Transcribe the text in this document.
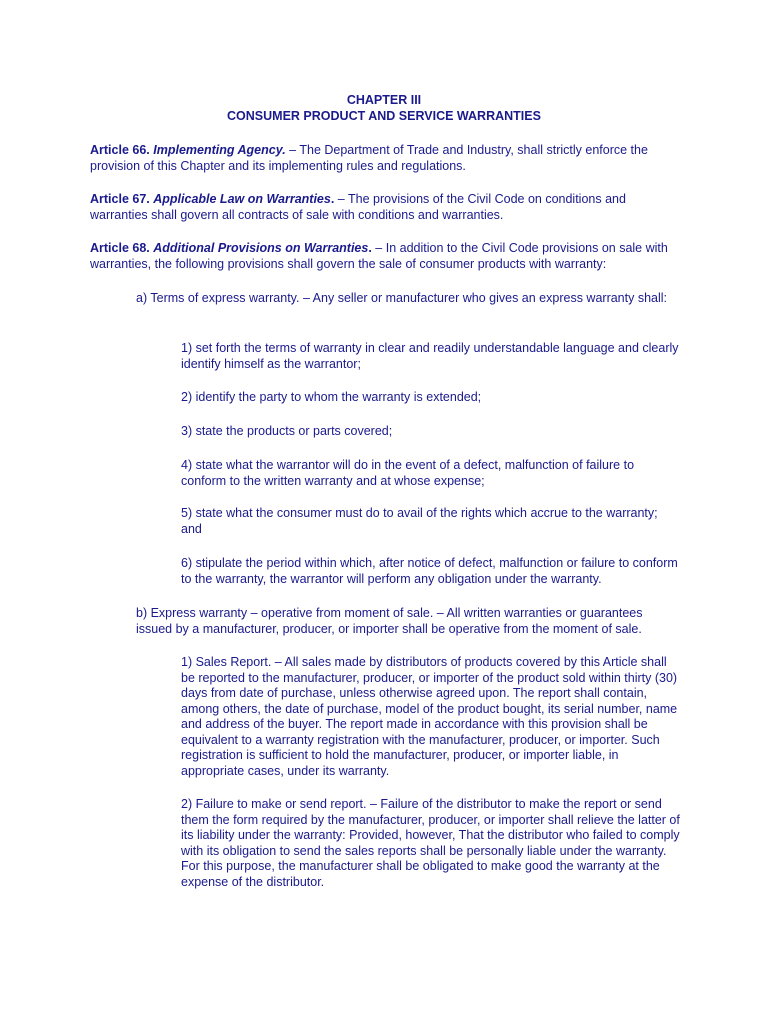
CHAPTER III
CONSUMER PRODUCT AND SERVICE WARRANTIES
Article 66. Implementing Agency. – The Department of Trade and Industry, shall strictly enforce the provision of this Chapter and its implementing rules and regulations.
Article 67. Applicable Law on Warranties. – The provisions of the Civil Code on conditions and warranties shall govern all contracts of sale with conditions and warranties.
Article 68. Additional Provisions on Warranties. – In addition to the Civil Code provisions on sale with warranties, the following provisions shall govern the sale of consumer products with warranty:
a) Terms of express warranty. – Any seller or manufacturer who gives an express warranty shall:
1) set forth the terms of warranty in clear and readily understandable language and clearly identify himself as the warrantor;
2) identify the party to whom the warranty is extended;
3) state the products or parts covered;
4) state what the warrantor will do in the event of a defect, malfunction of failure to conform to the written warranty and at whose expense;
5) state what the consumer must do to avail of the rights which accrue to the warranty; and
6) stipulate the period within which, after notice of defect, malfunction or failure to conform to the warranty, the warrantor will perform any obligation under the warranty.
b) Express warranty – operative from moment of sale. – All written warranties or guarantees issued by a manufacturer, producer, or importer shall be operative from the moment of sale.
1) Sales Report. – All sales made by distributors of products covered by this Article shall be reported to the manufacturer, producer, or importer of the product sold within thirty (30) days from date of purchase, unless otherwise agreed upon. The report shall contain, among others, the date of purchase, model of the product bought, its serial number, name and address of the buyer. The report made in accordance with this provision shall be equivalent to a warranty registration with the manufacturer, producer, or importer. Such registration is sufficient to hold the manufacturer, producer, or importer liable, in appropriate cases, under its warranty.
2) Failure to make or send report. – Failure of the distributor to make the report or send them the form required by the manufacturer, producer, or importer shall relieve the latter of its liability under the warranty: Provided, however, That the distributor who failed to comply with its obligation to send the sales reports shall be personally liable under the warranty. For this purpose, the manufacturer shall be obligated to make good the warranty at the expense of the distributor.
